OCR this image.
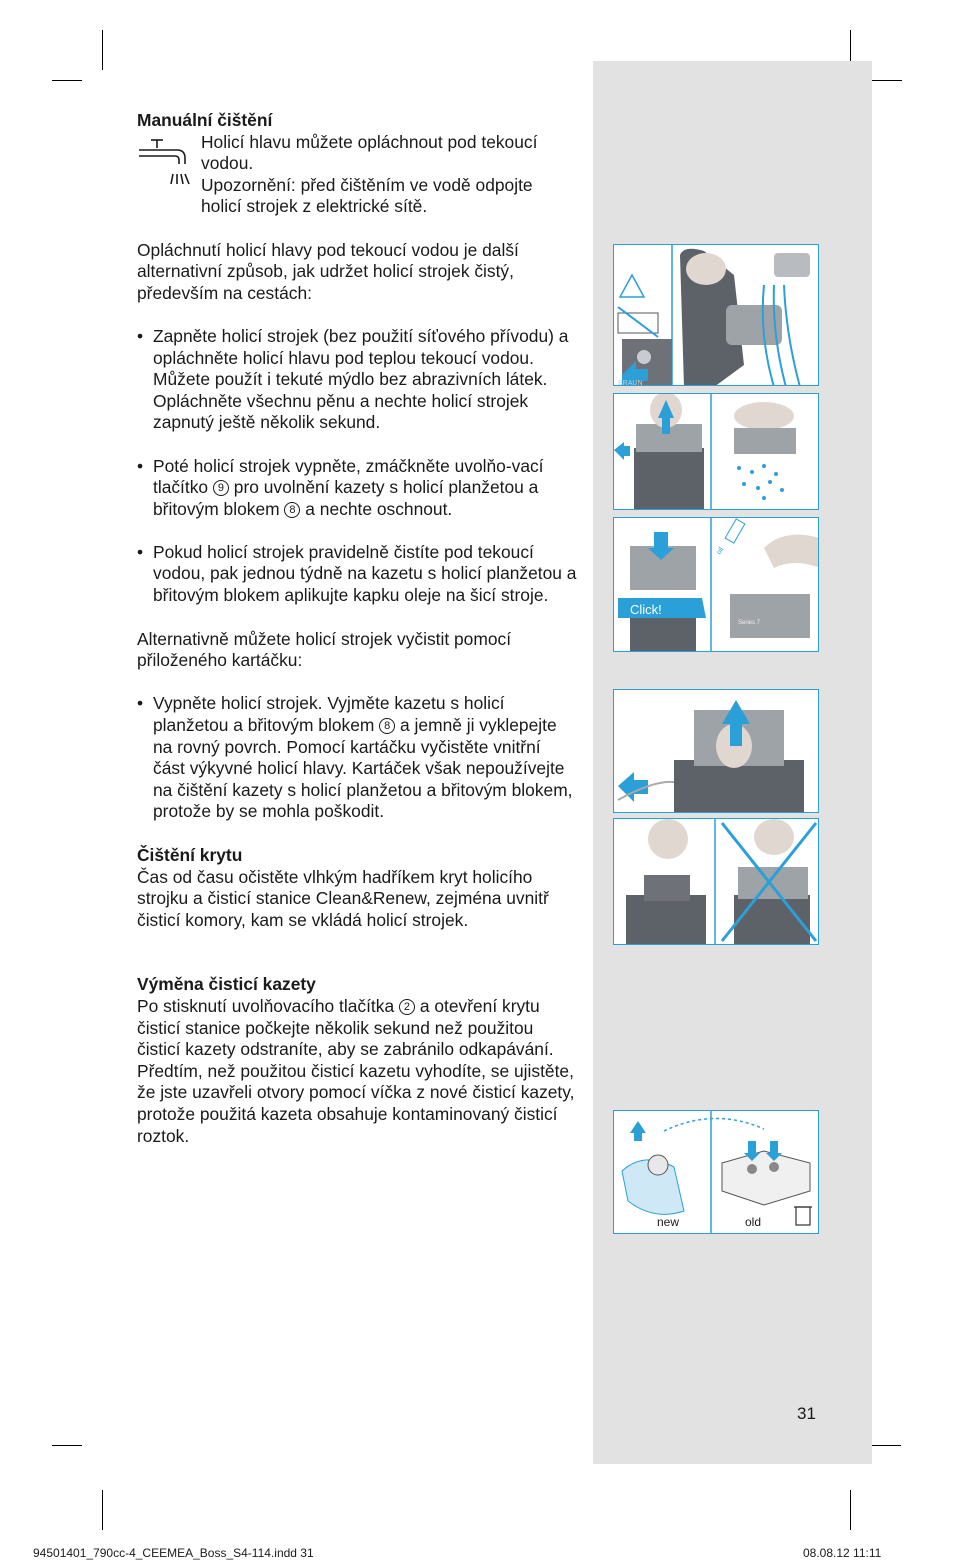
Manuální čištění

Holicí hlavu můžete opláchnout pod tekoucí vodou.

Upozornění: před čištěním ve vodě odpojte holicí strojek z elektrické sítě.

Opláchnutí holicí hlavy pod tekoucí vodou je další alternativní způsob, jak udržet holicí strojek čistý, především na cestách:

• Zapněte holicí strojek (bez použití síťového přívodu) a opláchněte holicí hlavu pod teplou tekoucí vodou. Můžete použít i tekuté mýdlo bez abrazivních látek. Opláchněte všechnu pěnu a nechte holicí strojek zapnutý ještě několik sekund.
• Poté holicí strojek vypněte, zmáčkněte uvolňo-vací tlačítko 9 pro uvolnění kazety s holicí planžetou a břitovým blokem 8 a nechte oschnout.
• Pokud holicí strojek pravidelně čistíte pod tekoucí vodou, pak jednou týdně na kazetu s holicí planžetou a břitovým blokem aplikujte kapku oleje na šicí stroje.

Alternativně můžete holicí strojek vyčistit pomocí přiloženého kartáčku:

• Vypněte holicí strojek. Vyjměte kazetu s holicí planžetou a břitovým blokem 8 a jemně ji vyklepejte na rovný povrch. Pomocí kartáčku vyčistěte vnitřní část výkyvné holicí hlavy. Kartáček však nepoužívejte na čištění kazety s holicí planžetou a břitovým blokem, protože by se mohla poškodit.

Čištění krytu

Čas od času očistěte vlhkým hadříkem kryt holicího strojku a čisticí stanice Clean&Renew, zejména uvnitř čisticí komory, kam se vkládá holicí strojek.

Výměna čisticí kazety

Po stisknutí uvolňovacího tlačítka 2 a otevření krytu čisticí stanice počkejte několik sekund než použitou čisticí kazety odstraníte, aby se zabránilo odkapávání.

Předtím, než použitou čisticí kazetu vyhodíte, se ujistěte, že jste uzavřeli otvory pomocí víčka z nové čisticí kazety, protože použitá kazeta obsahuje kontaminovaný čisticí roztok.

BRAUN
Click!
oil
Series 7
new	old
31
94501401_790cc-4_CEEMEA_Boss_S4-114.indd 31	08.08.12 11:11
